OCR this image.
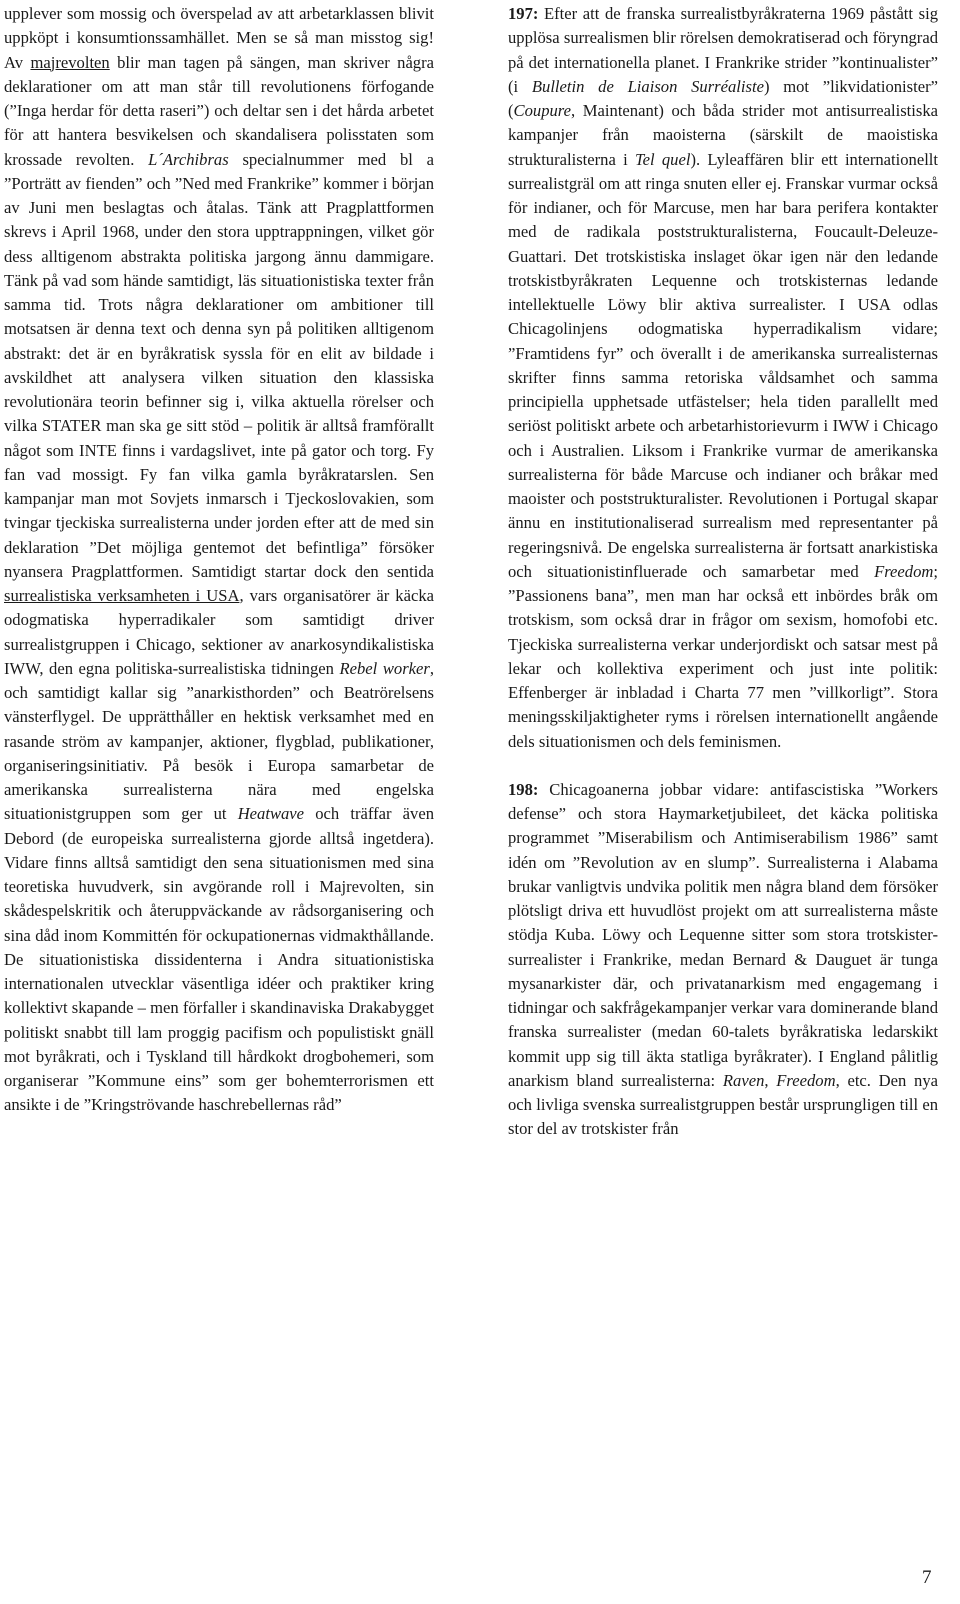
upplever som mossig och överspelad av att arbetarklassen blivit uppköpt i konsumtionssamhället. Men se så man misstog sig! Av majrevolten blir man tagen på sängen, man skriver några deklarationer om att man står till revolutionens förfogande (”Inga herdar för detta raseri”) och deltar sen i det hårda arbetet för att hantera besvikelsen och skandalisera polisstaten som krossade revolten. L´Archibras specialnummer med bl a ”Porträtt av fienden” och ”Ned med Frankrike” kommer i början av Juni men beslagtas och åtalas. Tänk att Pragplattformen skrevs i April 1968, under den stora upptrappningen, vilket gör dess alltigenom abstrakta politiska jargong ännu dammigare. Tänk på vad som hände samtidigt, läs situationistiska texter från samma tid. Trots några deklarationer om ambitioner till motsatsen är denna text och denna syn på politiken alltigenom abstrakt: det är en byråkratisk syssla för en elit av bildade i avskildhet att analysera vilken situation den klassiska revolutionära teorin befinner sig i, vilka aktuella rörelser och vilka STATER man ska ge sitt stöd – politik är alltså framförallt något som INTE finns i vardagslivet, inte på gator och torg. Fy fan vad mossigt. Fy fan vilka gamla byråkratarslen. Sen kampanjar man mot Sovjets inmarsch i Tjeckoslovakien, som tvingar tjeckiska surrealisterna under jorden efter att de med sin deklaration ”Det möjliga gentemot det befintliga” försöker nyansera Pragplattformen. Samtidigt startar dock den sentida surrealistiska verksamheten i USA, vars organisatörer är käcka odogmatiska hyperradikaler som samtidigt driver surrealistgruppen i Chicago, sektioner av anarkosyndikalistiska IWW, den egna politiska-surrealistiska tidningen Rebel worker, och samtidigt kallar sig ”anarkisthorden” och Beatrörelsens vänsterflygel. De upprätthåller en hektisk verksamhet med en rasande ström av kampanjer, aktioner, flygblad, publikationer, organiseringsinitiativ. På besök i Europa samarbetar de amerikanska surrealisterna nära med engelska situationistgruppen som ger ut Heatwave och träffar även Debord (de europeiska surrealisterna gjorde alltså ingetdera). Vidare finns alltså samtidigt den sena situationismen med sina teoretiska huvudverk, sin avgörande roll i Majrevolten, sin skådespelskritik och återuppväckande av rådsorganisering och sina dåd inom Kommittén för ockupationernas vidmakthållande. De situationistiska dissidenterna i Andra situationistiska internationalen utvecklar väsentliga idéer och praktiker kring kollektivt skapande – men förfaller i skandinaviska Drakabygget politiskt snabbt till lam proggig pacifism och populistiskt gnäll mot byråkrati, och i Tyskland till hårdkokt drogbohemeri, som organiserar ”Kommune eins” som ger bohemterrorismen ett ansikte i de ”Kringströvande haschrebellernas råd”

197: Efter att de franska surrealistbyråkraterna 1969 påstått sig upplösa surrealismen blir rörelsen demokratiserad och föryngrad på det internationella planet. I Frankrike strider ”kontinualister” (i Bulletin de Liaison Surréaliste) mot ”likvidationister” (Coupure, Maintenant) och båda strider mot antisurrealistiska kampanjer från maoisterna (särskilt de maoistiska strukturalisterna i Tel quel). Lyleaffären blir ett internationellt surrealistgräl om att ringa snuten eller ej. Franskar vurmar också för indianer, och för Marcuse, men har bara perifera kontakter med de radikala poststrukturalisterna, Foucault-Deleuze-Guattari. Det trotskistiska inslaget ökar igen när den ledande trotskistbyråkraten Lequenne och trotskisternas ledande intellektuelle Löwy blir aktiva surrealister. I USA odlas Chicagolinjens odogmatiska hyperradikalism vidare; ”Framtidens fyr” och överallt i de amerikanska surrealisternas skrifter finns samma retoriska våldsamhet och samma principiella upphetsade utfästelser; hela tiden parallellt med seriöst politiskt arbete och arbetarhistorievurm i IWW i Chicago och i Australien. Liksom i Frankrike vurmar de amerikanska surrealisterna för både Marcuse och indianer och bråkar med maoister och poststrukturalister. Revolutionen i Portugal skapar ännu en institutionaliserad surrealism med representanter på regeringsnivå. De engelska surrealisterna är fortsatt anarkistiska och situationistinfluerade och samarbetar med Freedom; ”Passionens bana”, men man har också ett inbördes bråk om trotskism, som också drar in frågor om sexism, homofobi etc. Tjeckiska surrealisterna verkar underjordiskt och satsar mest på lekar och kollektiva experiment och just inte politik: Effenberger är inbladad i Charta 77 men ”villkorligt”. Stora meningsskiljaktigheter ryms i rörelsen internationellt angående dels situationismen och dels feminismen.

198: Chicagoanerna jobbar vidare: antifascistiska ”Workers defense” och stora Haymarketjubileet, det käcka politiska programmet ”Miserabilism och Antimiserabilism 1986” samt idén om ”Revolution av en slump”. Surrealisterna i Alabama brukar vanligtvis undvika politik men några bland dem försöker plötsligt driva ett huvudlöst projekt om att surrealisterna måste stödja Kuba. Löwy och Lequenne sitter som stora trotskister-surrealister i Frankrike, medan Bernard & Dauguet är tunga mysanarkister där, och privatanarkism med engagemang i tidningar och sakfrågekampanjer verkar vara dominerande bland franska surrealister (medan 60-talets byråkratiska ledarskikt kommit upp sig till äkta statliga byråkrater). I England pålitlig anarkism bland surrealisterna: Raven, Freedom, etc. Den nya och livliga svenska surrealistgruppen består ursprungligen till en stor del av trotskister från

7
